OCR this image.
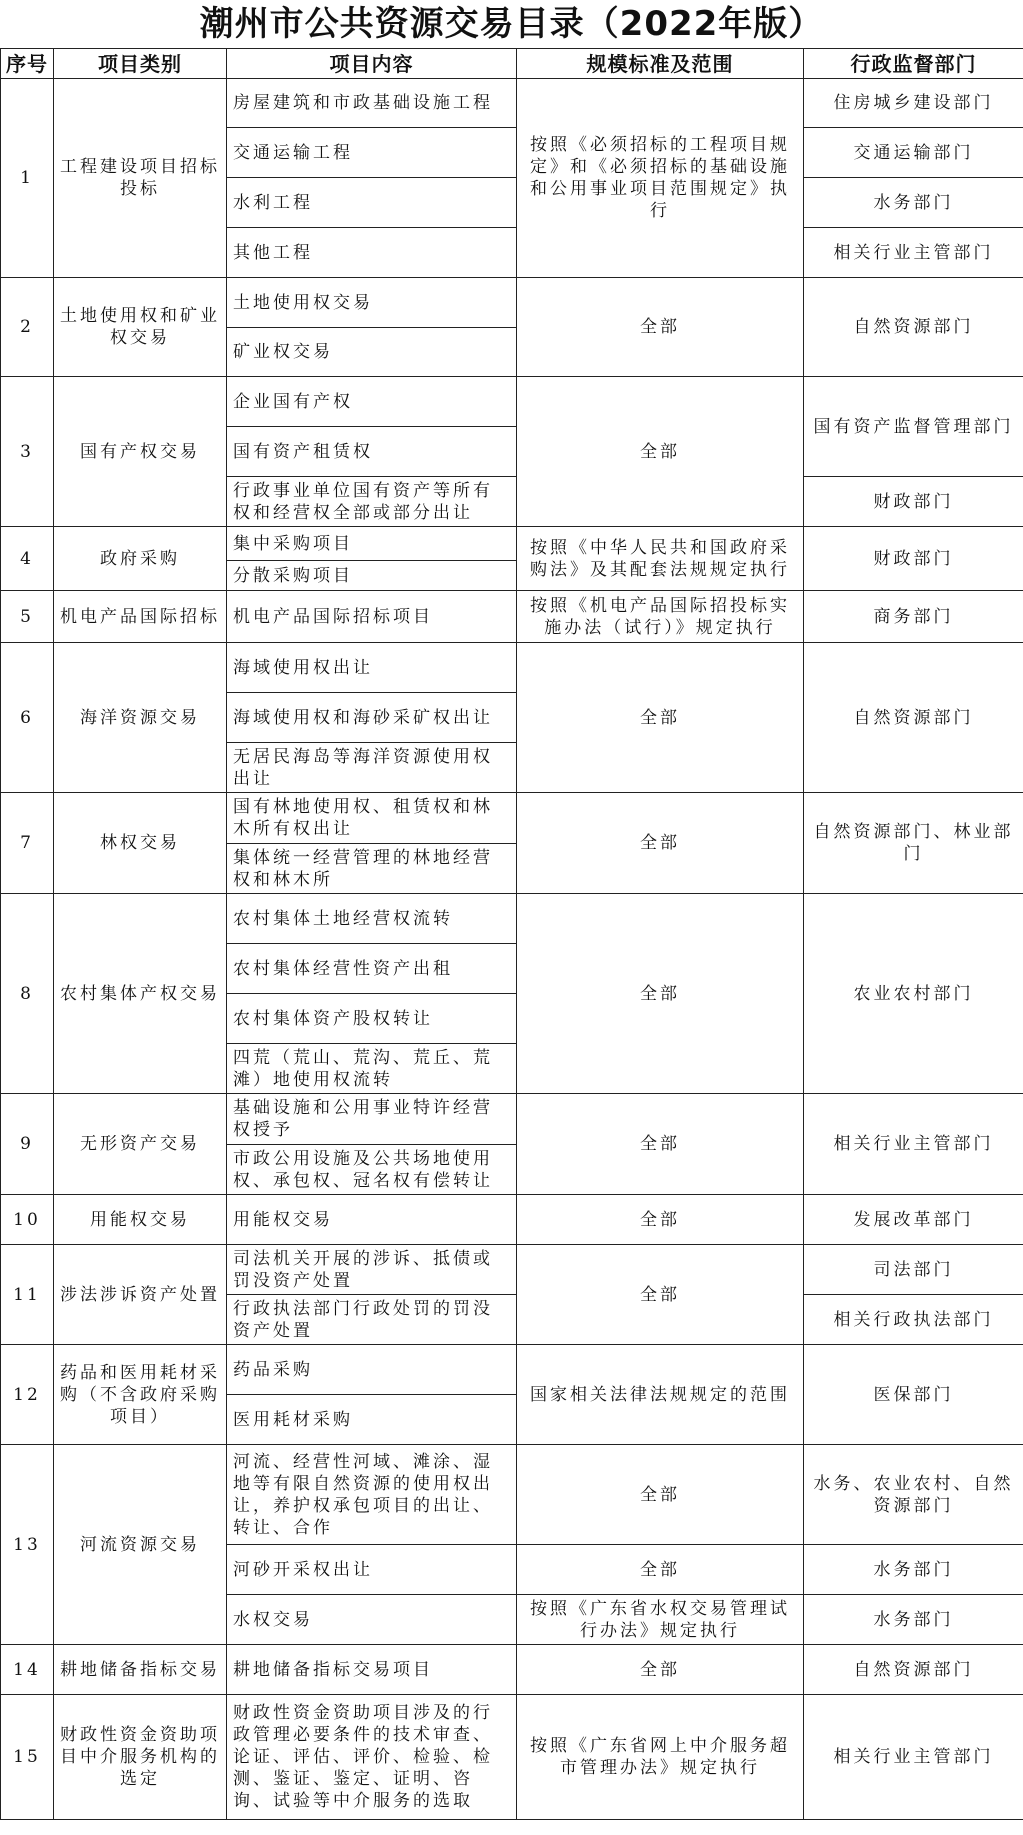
潮州市公共资源交易目录（2022年版）
序号	项目类别	项目内容	规模标准及范围	行政监督部门
1	工程建设项目招标投标	房屋建筑和市政基础设施工程	按照《必须招标的工程项目规定》和《必须招标的基础设施和公用事业项目范围规定》执行	住房城乡建设部门
		交通运输工程		交通运输部门
		水利工程		水务部门
		其他工程		相关行业主管部门
2	土地使用权和矿业权交易	土地使用权交易	全部	自然资源部门
		矿业权交易		
3	国有产权交易	企业国有产权	全部	国有资产监督管理部门
		国有资产租赁权		
		行政事业单位国有资产等所有权和经营权全部或部分出让		财政部门
4	政府采购	集中采购项目	按照《中华人民共和国政府采购法》及其配套法规规定执行	财政部门
		分散采购项目		
5	机电产品国际招标	机电产品国际招标项目	按照《机电产品国际招投标实施办法（试行）》规定执行	商务部门
6	海洋资源交易	海域使用权出让	全部	自然资源部门
		海域使用权和海砂采矿权出让		
		无居民海岛等海洋资源使用权出让		
7	林权交易	国有林地使用权、租赁权和林木所有权出让	全部	自然资源部门、林业部门
		集体统一经营管理的林地经营权和林木所		
8	农村集体产权交易	农村集体土地经营权流转	全部	农业农村部门
		农村集体经营性资产出租		
		农村集体资产股权转让		
		四荒（荒山、荒沟、荒丘、荒滩）地使用权流转		
9	无形资产交易	基础设施和公用事业特许经营权授予	全部	相关行业主管部门
		市政公用设施及公共场地使用权、承包权、冠名权有偿转让		
10	用能权交易	用能权交易	全部	发展改革部门
11	涉法涉诉资产处置	司法机关开展的涉诉、抵债或罚没资产处置	全部	司法部门
		行政执法部门行政处罚的罚没资产处置		相关行政执法部门
12	药品和医用耗材采购（不含政府采购项目）	药品采购	国家相关法律法规规定的范围	医保部门
		医用耗材采购		
13	河流资源交易	河流、经营性河域、滩涂、湿地等有限自然资源的使用权出让，养护权承包项目的出让、转让、合作	全部	水务、农业农村、自然资源部门
		河砂开采权出让	全部	水务部门
		水权交易	按照《广东省水权交易管理试行办法》规定执行	水务部门
14	耕地储备指标交易	耕地储备指标交易项目	全部	自然资源部门
15	财政性资金资助项目中介服务机构的选定	财政性资金资助项目涉及的行政管理必要条件的技术审查、论证、评估、评价、检验、检测、鉴证、鉴定、证明、咨询、试验等中介服务的选取	按照《广东省网上中介服务超市管理办法》规定执行	相关行业主管部门
